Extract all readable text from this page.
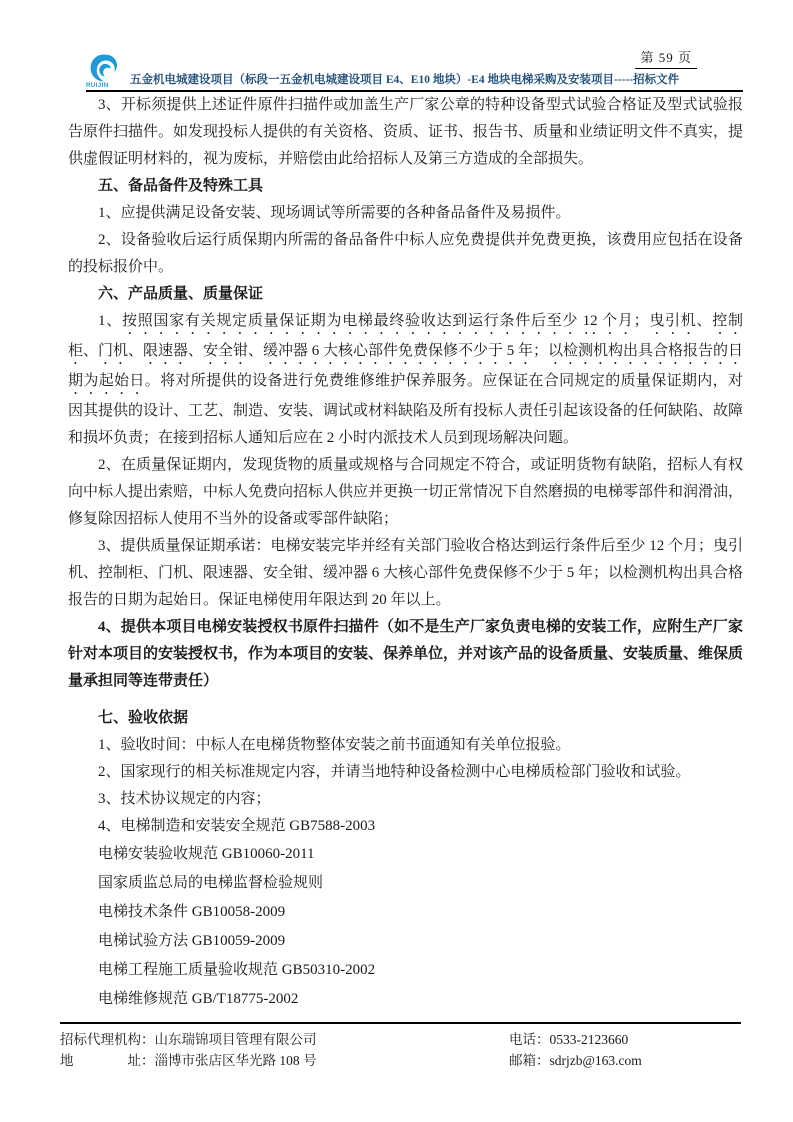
第 59 页
RUIJIN 五金机电城建设项目（标段一五金机电城建设项目 E4、E10 地块）-E4 地块电梯采购及安装项目-----招标文件
3、开标须提供上述证件原件扫描件或加盖生产厂家公章的特种设备型式试验合格证及型式试验报告原件扫描件。如发现投标人提供的有关资格、资质、证书、报告书、质量和业绩证明文件不真实，提供虚假证明材料的，视为废标，并赔偿由此给招标人及第三方造成的全部损失。
五、备品备件及特殊工具
1、应提供满足设备安装、现场调试等所需要的各种备品备件及易损件。
2、设备验收后运行质保期内所需的备品备件中标人应免费提供并免费更换，该费用应包括在设备的投标报价中。
六、产品质量、质量保证
1、按照国家有关规定质量保证期为电梯最终验收达到运行条件后至少 12 个月；曳引机、控制柜、门机、限速器、安全钳、缓冲器 6 大核心部件免费保修不少于 5 年；以检测机构出具合格报告的日期为起始日。将对所提供的设备进行免费维修维护保养服务。应保证在合同规定的质量保证期内，对因其提供的设计、工艺、制造、安装、调试或材料缺陷及所有投标人责任引起该设备的任何缺陷、故障和损坏负责；在接到招标人通知后应在 2 小时内派技术人员到现场解决问题。
2、在质量保证期内，发现货物的质量或规格与合同规定不符合，或证明货物有缺陷，招标人有权向中标人提出索赔，中标人免费向招标人供应并更换一切正常情况下自然磨损的电梯零部件和润滑油，修复除因招标人使用不当外的设备或零部件缺陷；
3、提供质量保证期承诺：电梯安装完毕并经有关部门验收合格达到运行条件后至少 12 个月；曳引机、控制柜、门机、限速器、安全钳、缓冲器 6 大核心部件免费保修不少于 5 年；以检测机构出具合格报告的日期为起始日。保证电梯使用年限达到 20 年以上。
4、提供本项目电梯安装授权书原件扫描件（如不是生产厂家负责电梯的安装工作，应附生产厂家针对本项目的安装授权书，作为本项目的安装、保养单位，并对该产品的设备质量、安装质量、维保质量承担同等连带责任）
七、验收依据
1、验收时间：中标人在电梯货物整体安装之前书面通知有关单位报验。
2、国家现行的相关标准规定内容，并请当地特种设备检测中心电梯质检部门验收和试验。
3、技术协议规定的内容；
4、电梯制造和安装安全规范 GB7588-2003
电梯安装验收规范 GB10060-2011
国家质监总局的电梯监督检验规则
电梯技术条件 GB10058-2009
电梯试验方法 GB10059-2009
电梯工程施工质量验收规范 GB50310-2002
电梯维修规范 GB/T18775-2002
招标代理机构：山东瑞锦项目管理有限公司
地　　　　址：淄博市张店区华光路 108 号
电话：0533-2123660
邮箱：sdrjzb@163.com
